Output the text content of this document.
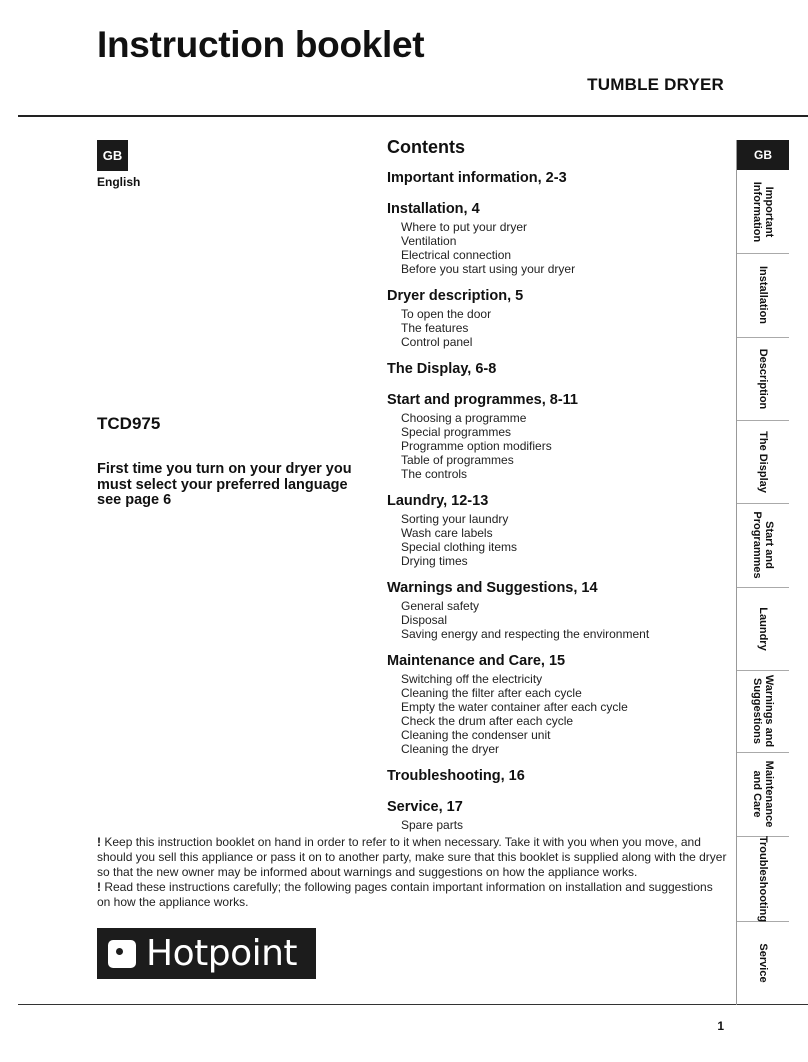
Instruction booklet
TUMBLE DRYER
GB
English
TCD975
First time you turn on your dryer you must select your preferred language see page 6
Contents
Important information, 2-3
Installation, 4
Where to put your dryer
Ventilation
Electrical connection
Before you start using your dryer
Dryer description, 5
To open the door
The features
Control panel
The Display, 6-8
Start and programmes, 8-11
Choosing a programme
Special programmes
Programme option modifiers
Table of programmes
The controls
Laundry, 12-13
Sorting your laundry
Wash care labels
Special clothing items
Drying times
Warnings and Suggestions, 14
General safety
Disposal
Saving energy and respecting the environment
Maintenance and Care, 15
Switching off the electricity
Cleaning the filter after each cycle
Empty the water container after each cycle
Check the drum after each cycle
Cleaning the condenser unit
Cleaning the dryer
Troubleshooting, 16
Service, 17
Spare parts

! Keep this instruction booklet on hand in order to refer to it when necessary. Take it with you when you move, and should you sell this appliance or pass it on to another party, make sure that this booklet is supplied along with the dryer so that the new owner may be informed about warnings and suggestions on how the appliance works.

! Read these instructions carefully; the following pages contain important information on installation and suggestions on how the appliance works.

Hotpoint
1
GB
Important
Information
Installation
Description
The Display
Start and
Programmes
Laundry
Warnings and
Suggestions
Maintenance
and Care
Troubleshooting
Service
